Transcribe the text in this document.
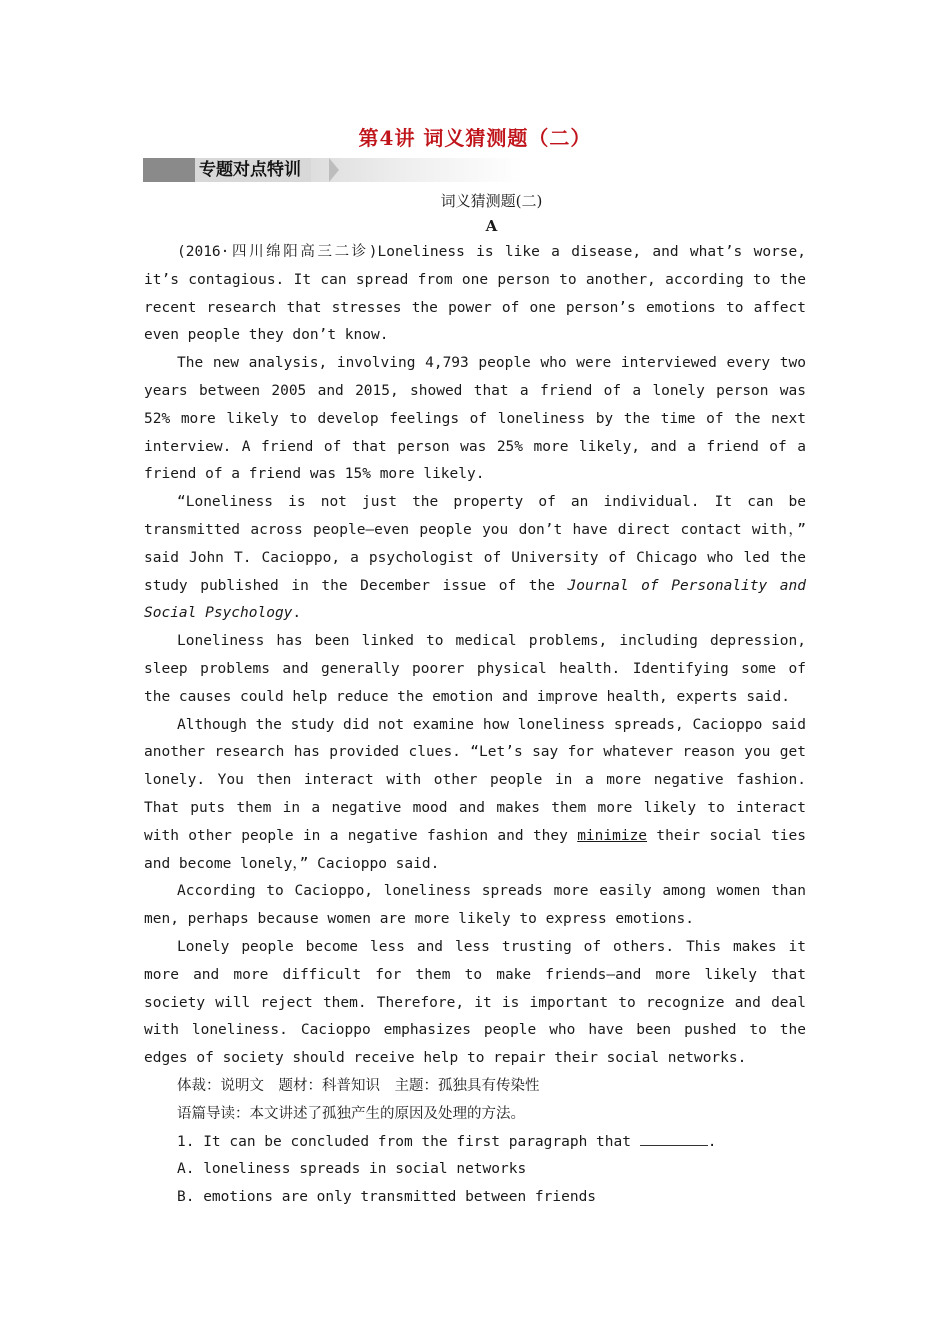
第4讲 词义猜测题（二）
专题对点特训
词义猜测题(二)
A

(2016·四川绵阳高三二诊)Loneliness is like a disease, and what’s worse, it’s contagious. It can spread from one person to another, according to the recent research that stresses the power of one person’s emotions to affect even people they don’t know.

The new analysis, involving 4,793 people who were interviewed every two years between 2005 and 2015, showed that a friend of a lonely person was 52% more likely to develop feelings of loneliness by the time of the next interview. A friend of that person was 25% more likely, and a friend of a friend of a friend was 15% more likely.

“Loneliness is not just the property of an individual. It can be transmitted across people—even people you don’t have direct contact with，” said John T. Cacioppo, a psychologist of University of Chicago who led the study published in the December issue of the Journal of Personality and Social Psychology.

Loneliness has been linked to medical problems, including depression, sleep problems and generally poorer physical health. Identifying some of the causes could help reduce the emotion and improve health, experts said.

Although the study did not examine how loneliness spreads, Cacioppo said another research has provided clues. “Let’s say for whatever reason you get lonely. You then interact with other people in a more negative fashion. That puts them in a negative mood and makes them more likely to interact with other people in a negative fashion and they minimize their social ties and become lonely，” Cacioppo said.

According to Cacioppo, loneliness spreads more easily among women than men, perhaps because women are more likely to express emotions.

Lonely people become less and less trusting of others. This makes it more and more difficult for them to make friends—and more likely that society will reject them. Therefore, it is important to recognize and deal with loneliness. Cacioppo emphasizes people who have been pushed to the edges of society should receive help to repair their social networks.

体裁：说明文　题材：科普知识　主题：孤独具有传染性

语篇导读：本文讲述了孤独产生的原因及处理的方法。

1. It can be concluded from the first paragraph that	.

A. loneliness spreads in social networks

B. emotions are only transmitted between friends
